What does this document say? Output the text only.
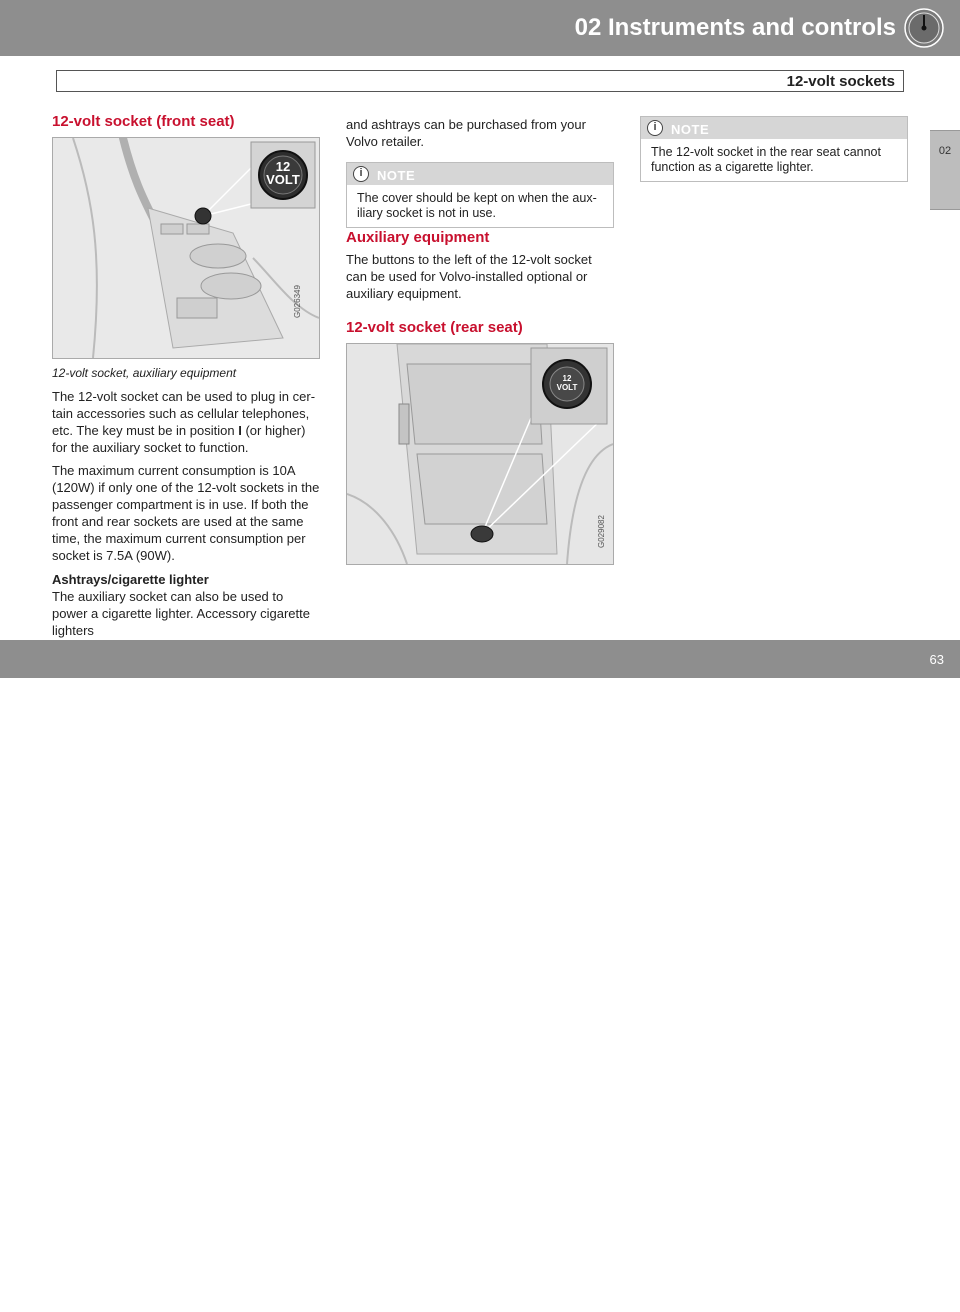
02 Instruments and controls
12-volt sockets
02
12-volt socket (front seat)
12
VOLT
G026349
12-volt socket, auxiliary equipment

The 12-volt socket can be used to plug in cer-tain accessories such as cellular telephones, etc. The key must be in position I (or higher) for the auxiliary socket to function.

The maximum current consumption is 10A (120W) if only one of the 12-volt sockets in the passenger compartment is in use. If both the front and rear sockets are used at the same time, the maximum current consumption per socket is 7.5A (90W).

Ashtrays/cigarette lighter

The auxiliary socket can also be used to power a cigarette lighter. Accessory cigarette lighters

and ashtrays can be purchased from your Volvo retailer.

i	NOTE
The cover should be kept on when the aux-iliary socket is not in use.
Auxiliary equipment

The buttons to the left of the 12-volt socket can be used for Volvo-installed optional or auxiliary equipment.

12-volt socket (rear seat)
12
VOLT
G029082
i	NOTE
The 12-volt socket in the rear seat cannot function as a cigarette lighter.
carmanualsonline.info
63
